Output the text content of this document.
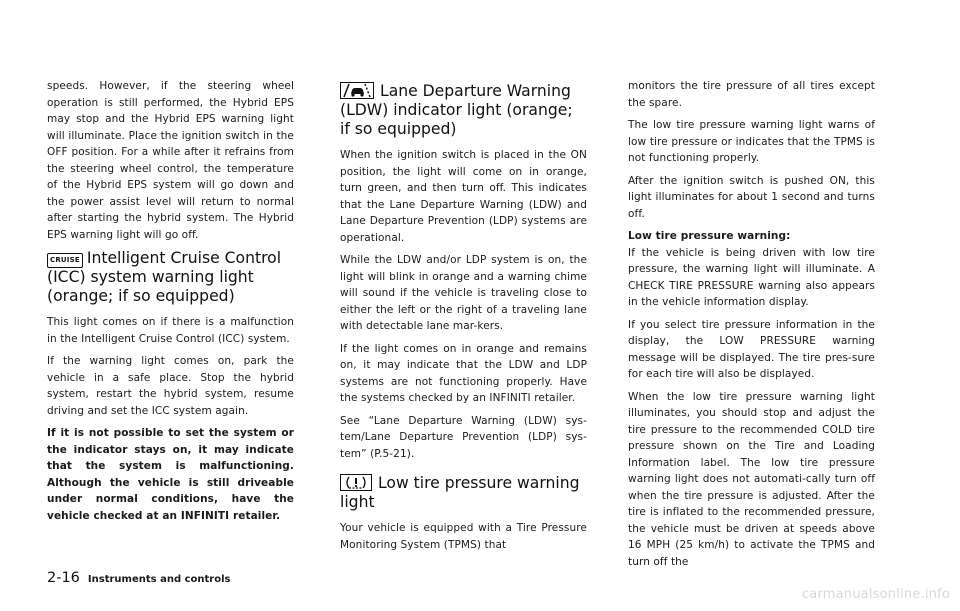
speeds. However, if the steering wheel operation is still performed, the Hybrid EPS may stop and the Hybrid EPS warning light will illuminate. Place the ignition switch in the OFF position. For a while after it refrains from the steering wheel control, the temperature of the Hybrid EPS system will go down and the power assist level will return to normal after starting the hybrid system. The Hybrid EPS warning light will go off.

CRUISE Intelligent Cruise Control (ICC) system warning light (orange; if so equipped)

This light comes on if there is a malfunction in the Intelligent Cruise Control (ICC) system.

If the warning light comes on, park the vehicle in a safe place. Stop the hybrid system, restart the hybrid system, resume driving and set the ICC system again.

If it is not possible to set the system or the indicator stays on, it may indicate that the system is malfunctioning. Although the vehicle is still driveable under normal conditions, have the vehicle checked at an INFINITI retailer.

Lane Departure Warning (LDW) indicator light (orange; if so equipped)

When the ignition switch is placed in the ON position, the light will come on in orange, turn green, and then turn off. This indicates that the Lane Departure Warning (LDW) and Lane Departure Prevention (LDP) systems are operational.

While the LDW and/or LDP system is on, the light will blink in orange and a warning chime will sound if the vehicle is traveling close to either the left or the right of a traveling lane with detectable lane mar-kers.

If the light comes on in orange and remains on, it may indicate that the LDW and LDP systems are not functioning properly. Have the systems checked by an INFINITI retailer.

See “Lane Departure Warning (LDW) sys-tem/Lane Departure Prevention (LDP) sys-tem” (P.5-21).

Low tire pressure warning light

Your vehicle is equipped with a Tire Pressure Monitoring System (TPMS) that

monitors the tire pressure of all tires except the spare.

The low tire pressure warning light warns of low tire pressure or indicates that the TPMS is not functioning properly.

After the ignition switch is pushed ON, this light illuminates for about 1 second and turns off.

Low tire pressure warning:

If the vehicle is being driven with low tire pressure, the warning light will illuminate. A CHECK TIRE PRESSURE warning also appears in the vehicle information display.

If you select tire pressure information in the display, the LOW PRESSURE warning message will be displayed. The tire pres-sure for each tire will also be displayed.

When the low tire pressure warning light illuminates, you should stop and adjust the tire pressure to the recommended COLD tire pressure shown on the Tire and Loading Information label. The low tire pressure warning light does not automati-cally turn off when the tire pressure is adjusted. After the tire is inflated to the recommended pressure, the vehicle must be driven at speeds above 16 MPH (25 km/h) to activate the TPMS and turn off the

2-16 Instruments and controls
carmanualsonline.info
